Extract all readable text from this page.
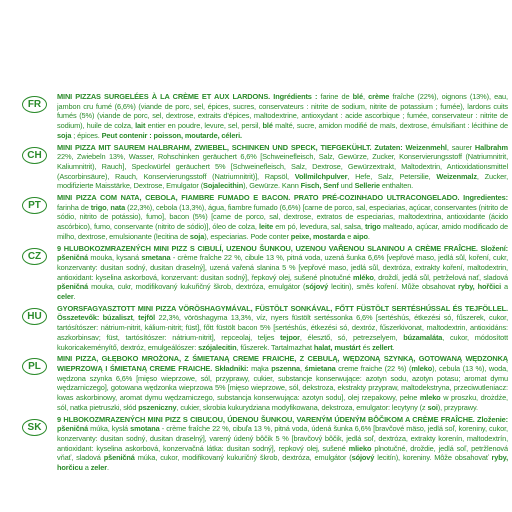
FR
MINI PIZZAS SURGELÉES À LA CRÈME ET AUX LARDONS. Ingrédients : farine de blé, crème fraîche (22%), oignons (13%), eau, jambon cru fumé (6,6%) (viande de porc, sel, épices, sucres, conservateurs : nitrite de sodium, nitrite de potassium ; fumée), lardons cuits fumés (5%) (viande de porc, sel, dextrose, extraits d'épices, maltodextrine, antioxydant : acide ascorbique ; fumée, conservateur : nitrite de sodium), huile de colza, lait entier en poudre, levure, sel, persil, blé malté, sucre, amidon modifié de maïs, dextrose, émulsifiant : lécithine de soja ; épices. Peut contenir : poisson, moutarde, céleri.
CH
MINI PIZZA MIT SAUREM HALBRAHM, ZWIEBEL, SCHINKEN UND SPECK, TIEFGEKÜHLT. Zutaten: Weizenmehl, saurer Halbrahm 22%, Zwiebeln 13%, Wasser, Rohschinken geräuchert 6,6% [Schweinefleisch, Salz, Gewürze, Zucker, Konservierungsstoff (Natriumnitrit, Kaliumnitrit), Rauch], Speckwürfel geräuchert 5% [Schweinefleisch, Salz, Dextrose, Gewürzextrakt, Maltodextrin, Antioxidationsmittel (Ascorbinsäure), Rauch, Konservierungsstoff (Natriumnitrit)], Rapsöl, Vollmilchpulver, Hefe, Salz, Petersilie, Weizenmalz, Zucker, modifizierte Maisstärke, Dextrose, Emulgator (Sojalecithin), Gewürze. Kann Fisch, Senf und Sellerie enthalten.
PT
MINI PIZZA COM NATA, CEBOLA, FIAMBRE FUMADO E BACON. PRATO PRÉ-COZINHADO ULTRACONGELADO. Ingredientes: farinha de trigo, nata (22,3%), cebola (13,3%), água, fiambre fumado (6,6%) [carne de porco, sal, especiarias, açúcar, conservantes (nitrito de sódio, nitrito de potássio), fumo], bacon (5%) [carne de porco, sal, dextrose, extratos de especiarias, maltodextrina, antioxidante (ácido ascórbico), fumo, conservante (nitrito de sódio)], óleo de colza, leite em pó, levedura, sal, salsa, trigo malteado, açúcar, amido modificado de milho, dextrose, emulsionante (lecitina de soja), especiarias. Pode conter peixe, mostarda e aipo.
CZ
9 HLUBOKOZMRAZENÝCH MINI PIZZ S CIBULÍ, UZENOU ŠUNKOU, UZENOU VAŘENOU SLANINOU A CRÈME FRAÎCHE. Složení: pšeničná mouka, kysaná smetana - crème fraîche 22 %, cibule 13 %, pitná voda, uzená šunka 6,6% [vepřové maso, jedlá sůl, koření, cukr, konzervanty: dusitan sodný, dusitan draselný], uzená vařená slanina 5 % [vepřové maso, jedlá sůl, dextróza, extrakty koření, maltodextrin, antioxidant: kyselina askorbová, konzervant: dusitan sodný], řepkový olej, sušené plnotučné mléko, droždí, jedlá sůl, petrželová nať, sladová pšeničná mouka, cukr, modifikovaný kukuřičný škrob, dextróza, emulgátor (sójový lecitin), směs koření. Může obsahovat ryby, hořčici a celer.
HU
GYORSFAGYASZTOTT MINI PIZZA VÖRÖSHAGYMÁVAL, FÜSTÖLT SONKÁVAL, FŐTT FÜSTÖLT SERTÉSHÚSSAL ÉS TEJFÖLLEL. Összetevők: búzaliszt, tejföl 22,3%, vöröshagyma 13,3%, víz, nyers füstölt sertéssonka 6,6% [sertéshús, étkezési só, fűszerek, cukor, tartósítószer: nátrium-nitrit, kálium-nitrit; füst], főtt füstölt bacon 5% [sertéshús, étkezési só, dextróz, fűszerkivonat, maltodextrin, antioxidáns: aszkorbinsav; füst, tartósítószer: nátrium-nitrit], repceolaj, teljes tejpor, élesztő, só, petrezselyem, búzamaláta, cukor, módosított kukoricakeményítő, dextróz, emulgeálószer: szójalecitin, fűszerek. Tartalmazhat halat, mustárt és zellert.
PL
MINI PIZZA, GŁĘBOKO MROŻONA, Z ŚMIETANĄ CREME FRAICHE, Z CEBULĄ, WĘDZONĄ SZYNKĄ, GOTOWANĄ WĘDZONKĄ WIEPRZOWĄ I ŚMIETANĄ CREME FRAICHE. Składniki: mąka pszenna, śmietana creme fraiche (22 %) (mleko), cebula (13 %), woda, wędzona szynka 6,6% [mięso wieprzowe, sól, przyprawy, cukier, substancje konserwujące: azotyn sodu, azotyn potasu; aromat dymu wędzarniczego], gotowana wędzonka wieprzowa 5% [mięso wieprzowe, sól, dekstroza, ekstrakty przypraw, maltodekstryna, przeciwutleniacz: kwas askorbinowy, aromat dymu wędzarniczego, substancja konserwująca: azotyn sodu], olej rzepakowy, pełne mleko w proszku, drożdże, sól, natka pietruszki, słód pszeniczny, cukier, skrobia kukurydziana modyfikowana, dekstroza, emulgator: lecytyny (z soi), przyprawy.
SK
9 HLBOKOZMRAZENÝCH MINI PIZZ S CIBUĽOU, ÚDENOU ŠUNKOU, VARENÝM ÚDENÝM BÔČIKOM A CRÈME FRAÎCHE. Zloženie: pšeničná múka, kyslá smotana - crème fraîche 22 %, cibuľa 13 %, pitná voda, údená šunka 6,6% [bravčové mäso, jedlá soľ, koreniny, cukor, konzervanty: dusitan sodný, dusitan draselný], varený údený bôčik 5 % [bravčový bôčik, jedlá soľ, dextróza, extrakty korenín, maltodextrín, antioxidant: kyselina askorbová, konzervačná látka: dusitan sodný], repkový olej, sušené mlieko plnotučné, droždie, jedlá soľ, petržlenová vňať, sladová pšeničná múka, cukor, modifikovaný kukuričný škrob, dextróza, emulgátor (sójový lecitín), koreniny. Môže obsahovať ryby, horčicu a zeler.
